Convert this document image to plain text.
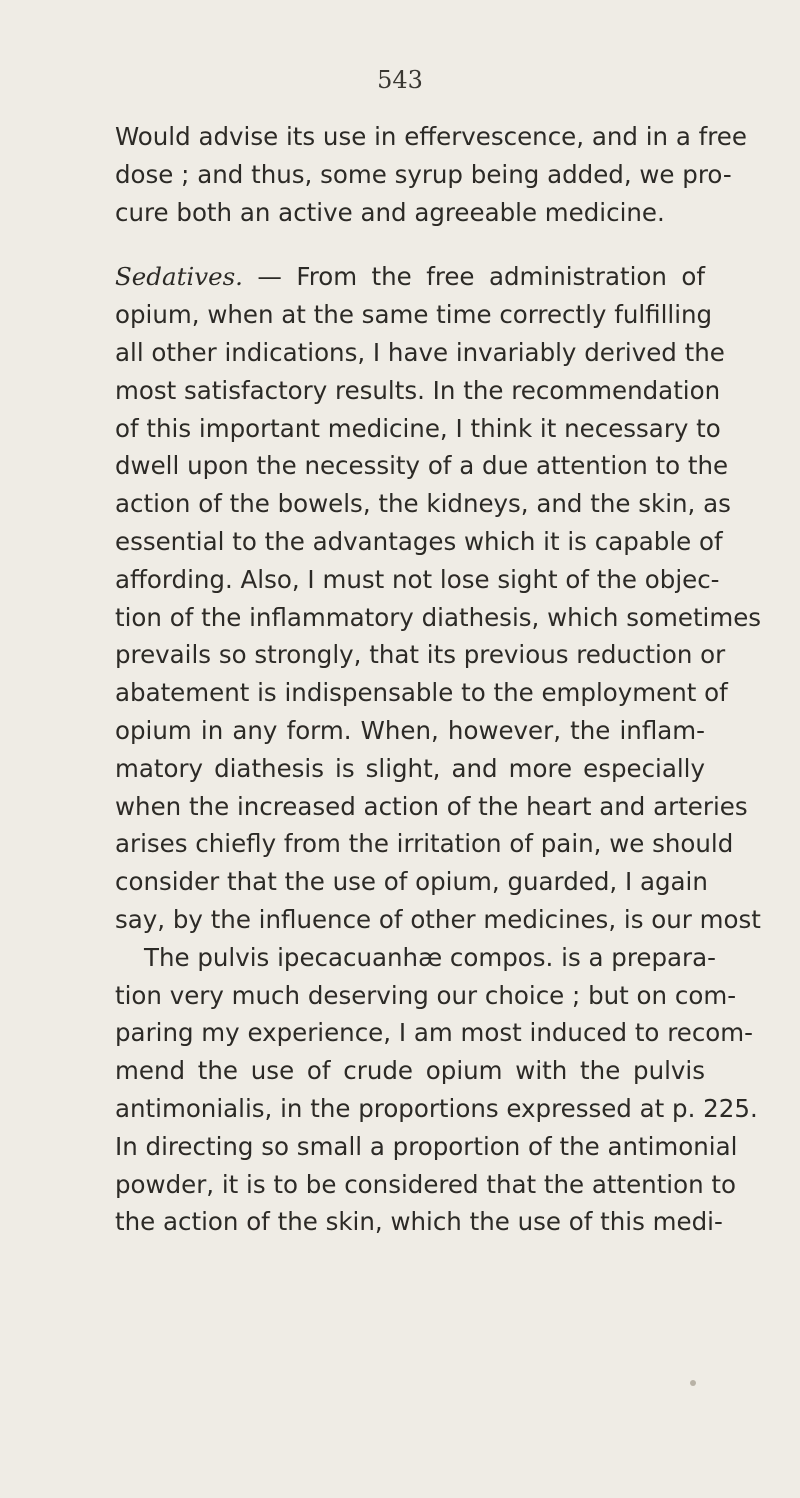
543
Would advise its use in effervescence, and in a free
dose ; and thus, some syrup being added, we pro-
cure both an active and agreeable medicine.
Sedatives. — From the free administration of
opium, when at the same time correctly fulfilling
all other indications, I have invariably derived the
most satisfactory results. In the recommendation
of this important medicine, I think it necessary to
dwell upon the necessity of a due attention to the
action of the bowels, the kidneys, and the skin, as
essential to the advantages which it is capable of
affording. Also, I must not lose sight of the objec-
tion of the inflammatory diathesis, which sometimes
prevails so strongly, that its previous reduction or
abatement is indispensable to the employment of
opium in any form. When, however, the inflam-
matory diathesis is slight, and more especially
when the increased action of the heart and arteries
arises chiefly from the irritation of pain, we should
consider that the use of opium, guarded, I again
say, by the influence of other medicines, is our most
The pulvis ipecacuanhæ compos. is a prepara-
tion very much deserving our choice ; but on com-
paring my experience, I am most induced to recom-
mend the use of crude opium with the pulvis
antimonialis, in the proportions expressed at p. 225.
In directing so small a proportion of the antimonial
powder, it is to be considered that the attention to
the action of the skin, which the use of this medi-
